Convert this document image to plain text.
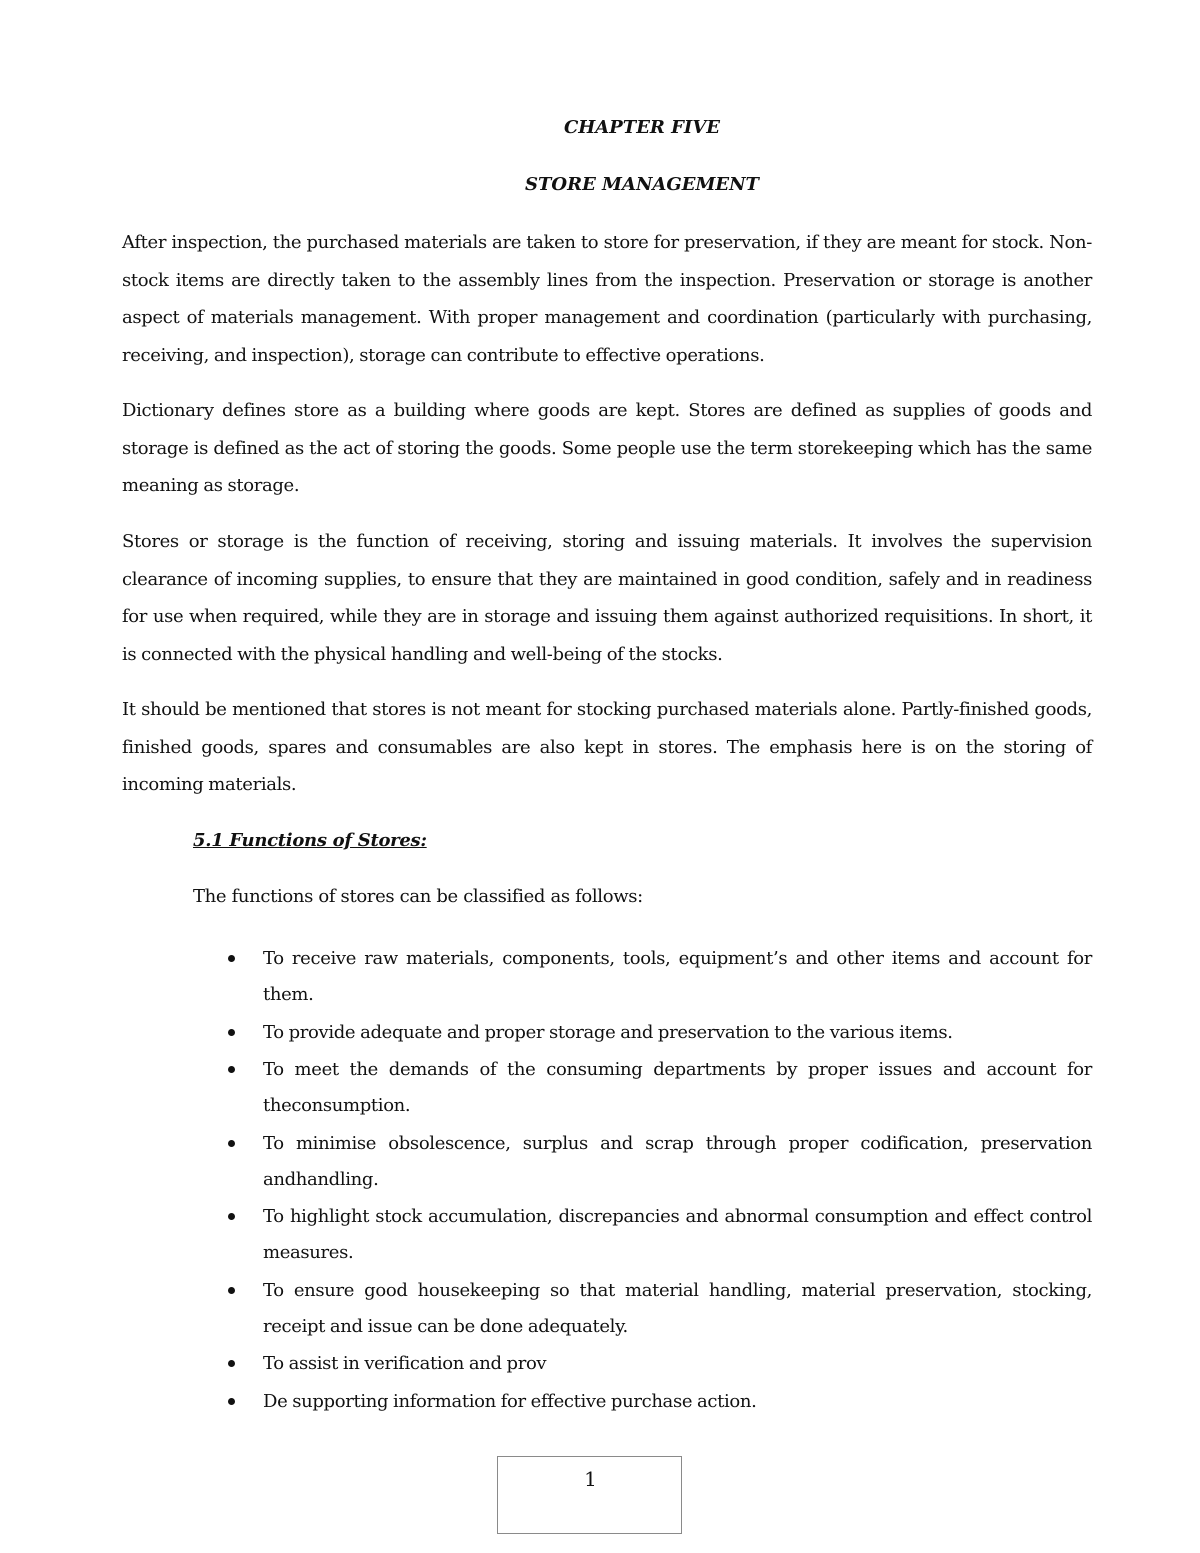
CHAPTER FIVE
STORE MANAGEMENT

After inspection, the purchased materials are taken to store for preservation, if they are meant for stock. Non-stock items are directly taken to the assembly lines from the inspection. Preservation or storage is another aspect of materials management. With proper management and coordination (particularly with purchasing, receiving, and inspection), storage can contribute to effective operations.

Dictionary defines store as a building where goods are kept. Stores are defined as supplies of goods and storage is defined as the act of storing the goods. Some people use the term storekeeping which has the same meaning as storage.

Stores or storage is the function of receiving, storing and issuing materials. It involves the supervision clearance of incoming supplies, to ensure that they are maintained in good condition, safely and in readiness for use when required, while they are in storage and issuing them against authorized requisitions. In short, it is connected with the physical handling and well-being of the stocks.

It should be mentioned that stores is not meant for stocking purchased materials alone. Partly-finished goods, finished goods, spares and consumables are also kept in stores. The emphasis here is on the storing of incoming materials.

5.1 Functions of Stores:
The functions of stores can be classified as follows:
To receive raw materials, components, tools, equipment’s and other items and account for them.
To provide adequate and proper storage and preservation to the various items.
To meet the demands of the consuming departments by proper issues and account for theconsumption.
To minimise obsolescence, surplus and scrap through proper codification, preservation andhandling.
To highlight stock accumulation, discrepancies and abnormal consumption and effect control measures.
To ensure good housekeeping so that material handling, material preservation, stocking, receipt and issue can be done adequately.
To assist in verification and prov
De supporting information for effective purchase action.
1
